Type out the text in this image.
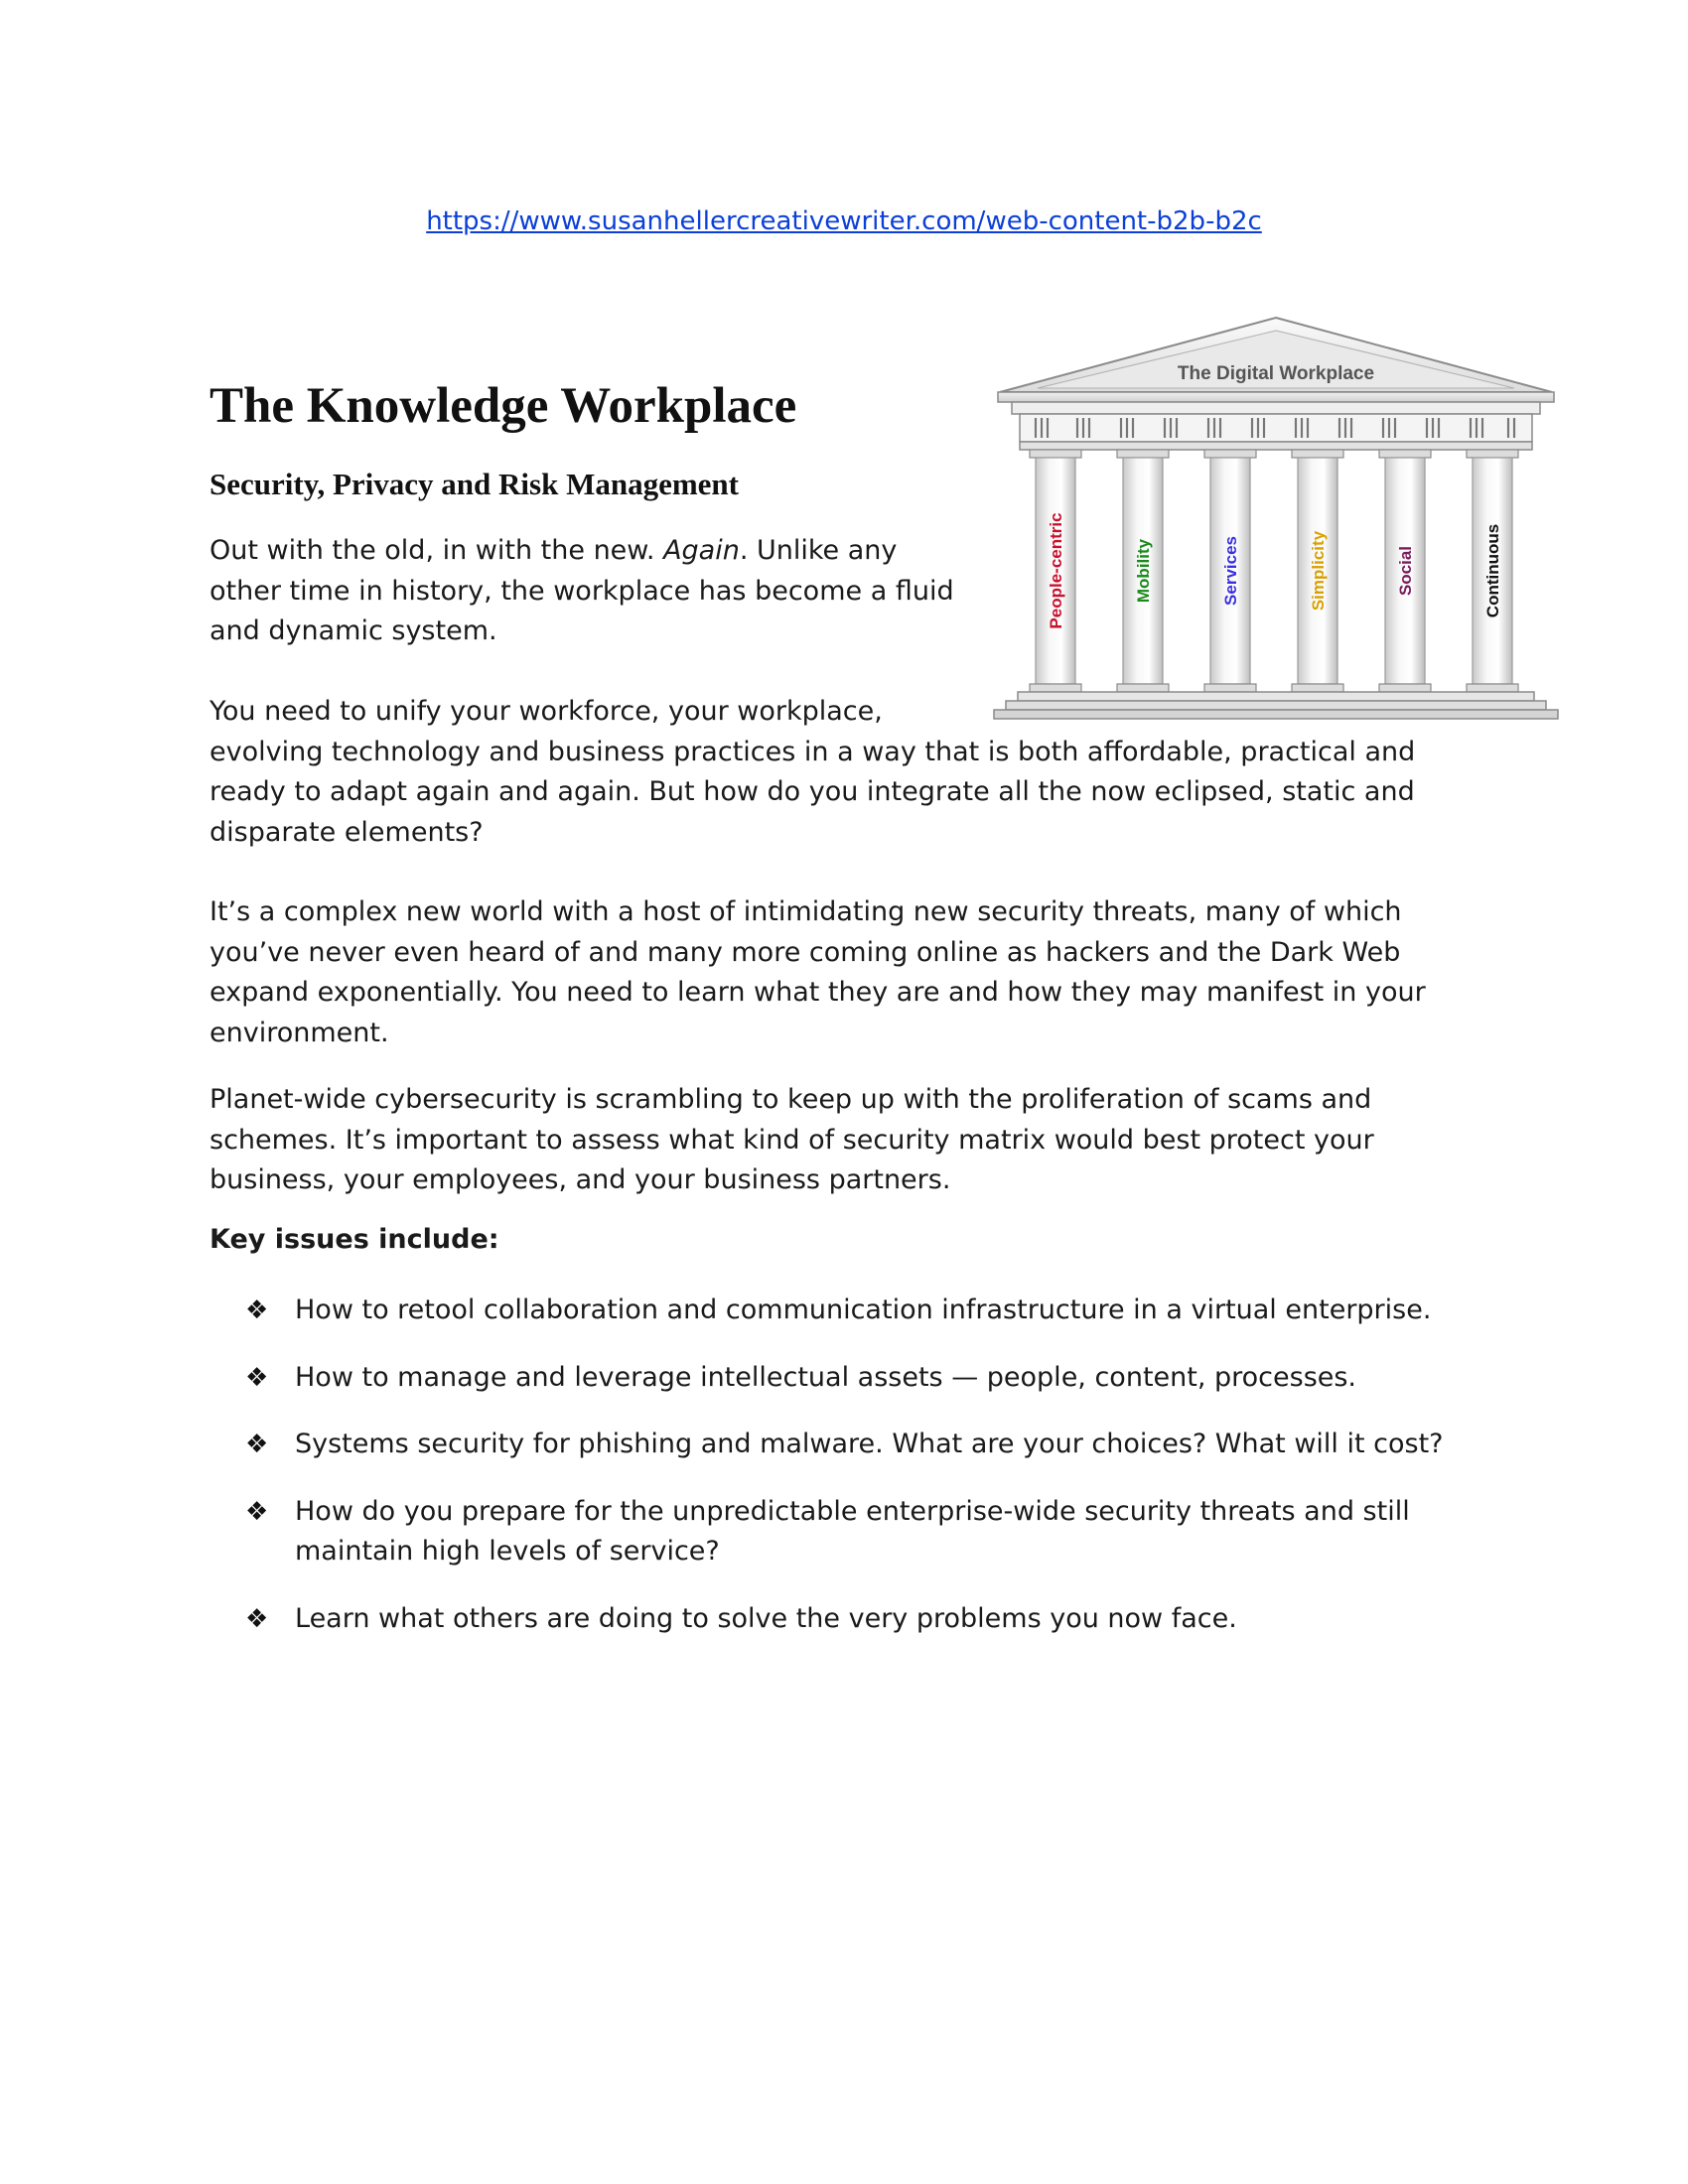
https://www.susanhellercreativewriter.com/web-content-b2b-b2c
The Knowledge Workplace
Security, Privacy and Risk Management

Out with the old, in with the new. Again. Unlike any other time in history, the workplace has become a fluid and dynamic system.

You need to unify your workforce, your workplace,
evolving technology and business practices in a way that is both affordable, practical and ready to adapt again and again. But how do you integrate all the now eclipsed, static and disparate elements?

It’s a complex new world with a host of intimidating new security threats, many of which you’ve never even heard of and many more coming online as hackers and the Dark Web expand exponentially. You need to learn what they are and how they may manifest in your environment.

Planet-wide cybersecurity is scrambling to keep up with the proliferation of scams and schemes. It’s important to assess what kind of security matrix would best protect your business, your employees, and your business partners.

Key issues include:

❖ How to retool collaboration and communication infrastructure in a virtual enterprise.
❖ How to manage and leverage intellectual assets — people, content, processes.
❖ Systems security for phishing and malware. What are your choices? What will it cost?
❖ How do you prepare for the unpredictable enterprise-wide security threats and still maintain high levels of service?
❖ Learn what others are doing to solve the very problems you now face.
The Digital Workplace
People-centric	Mobility	Services	Simplicity	Social	Continuous
